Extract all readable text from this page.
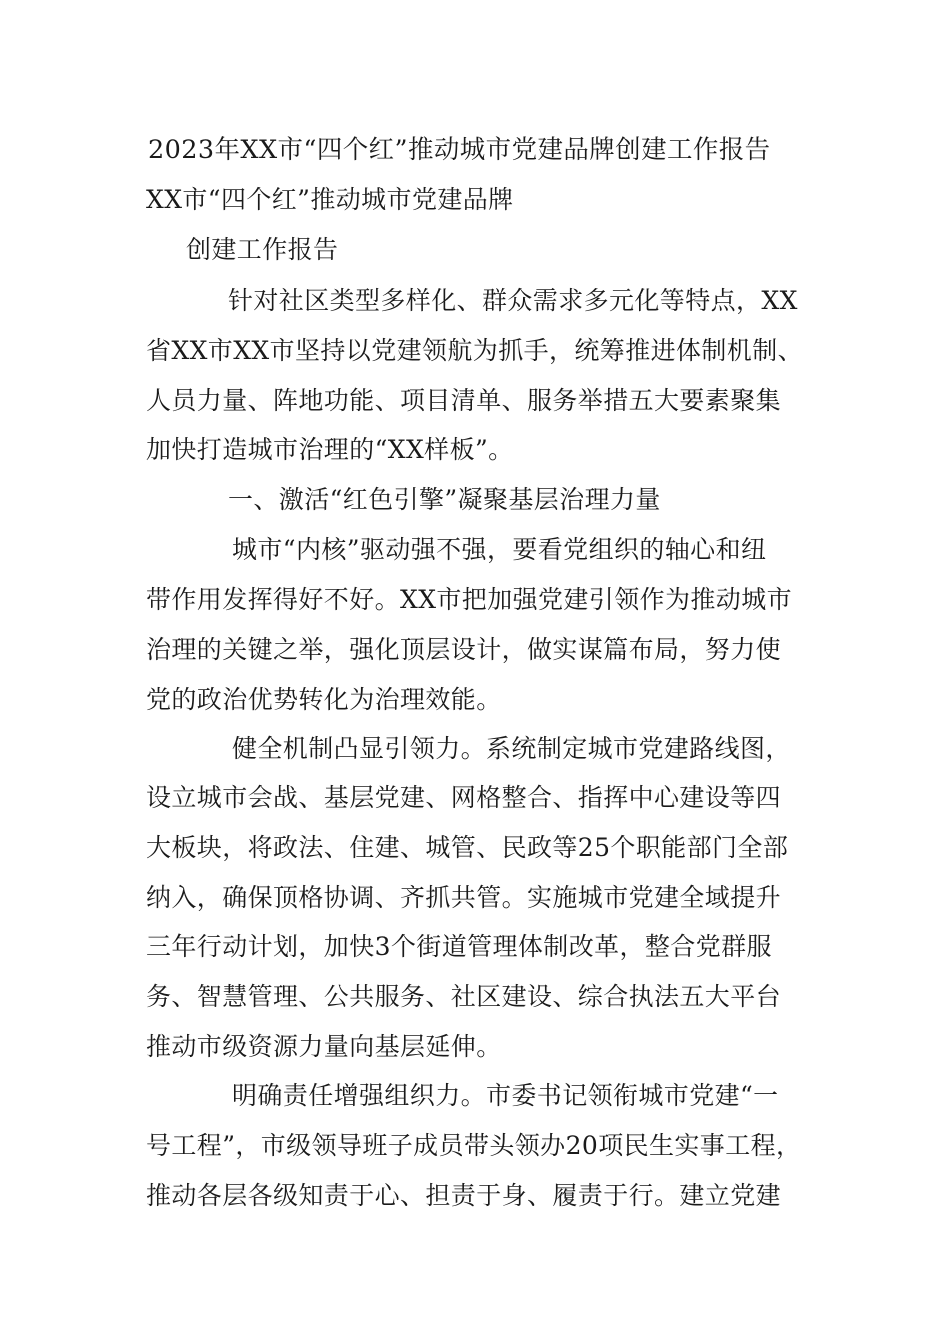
2023年XX市“四个红”推动城市党建品牌创建工作报告
XX市“四个红”推动城市党建品牌
创建工作报告
针对社区类型多样化、群众需求多元化等特点，XX
省XX市XX市坚持以党建领航为抓手，统筹推进体制机制、
人员力量、阵地功能、项目清单、服务举措五大要素聚集
加快打造城市治理的“XX样板”。
一、激活“红色引擎”凝聚基层治理力量
城市“内核”驱动强不强，要看党组织的轴心和纽
带作用发挥得好不好。XX市把加强党建引领作为推动城市
治理的关键之举，强化顶层设计，做实谋篇布局，努力使
党的政治优势转化为治理效能。
健全机制凸显引领力。系统制定城市党建路线图，
设立城市会战、基层党建、网格整合、指挥中心建设等四
大板块，将政法、住建、城管、民政等25个职能部门全部
纳入，确保顶格协调、齐抓共管。实施城市党建全域提升
三年行动计划，加快3个街道管理体制改革，整合党群服
务、智慧管理、公共服务、社区建设、综合执法五大平台
推动市级资源力量向基层延伸。
明确责任增强组织力。市委书记领衔城市党建“一
号工程”，市级领导班子成员带头领办20项民生实事工程，
推动各层各级知责于心、担责于身、履责于行。建立党建
